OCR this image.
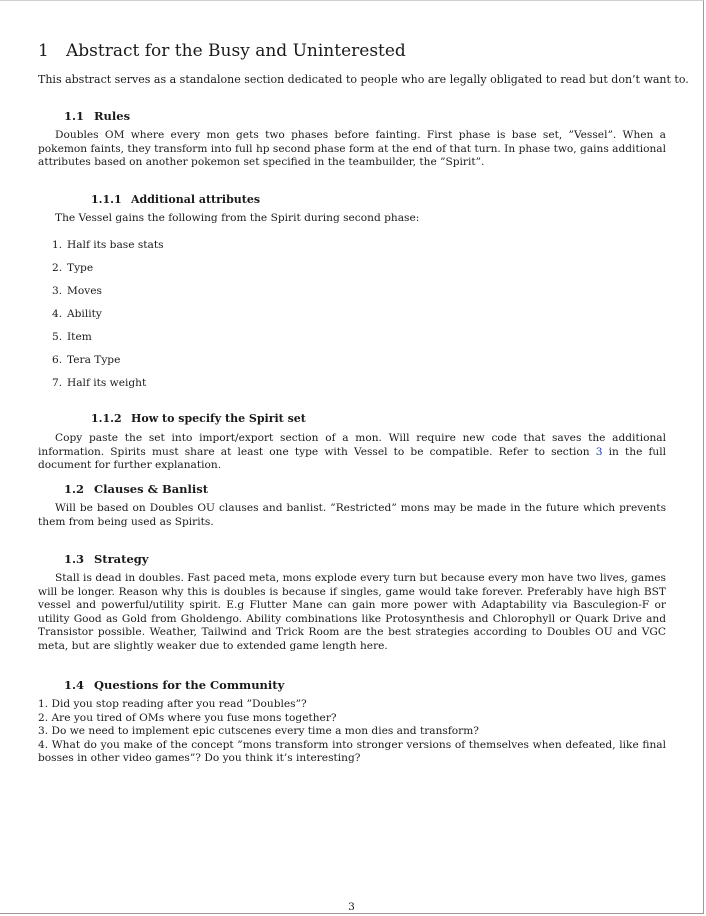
1 Abstract for the Busy and Uninterested

This abstract serves as a standalone section dedicated to people who are legally obligated to read but don’t want to.

1.1 Rules

Doubles OM where every mon gets two phases before fainting. First phase is base set, ”Vessel”. When a pokemon faints, they transform into full hp second phase form at the end of that turn. In phase two, gains additional attributes based on another pokemon set specified in the teambuilder, the ”Spirit”.

1.1.1 Additional attributes

The Vessel gains the following from the Spirit during second phase:

1. Half its base stats
2. Type
3. Moves
4. Ability
5. Item
6. Tera Type
7. Half its weight
1.1.2 How to specify the Spirit set

Copy paste the set into import/export section of a mon. Will require new code that saves the additional information. Spirits must share at least one type with Vessel to be compatible. Refer to section 3 in the full document for further explanation.

1.2 Clauses & Banlist

Will be based on Doubles OU clauses and banlist. ”Restricted” mons may be made in the future which prevents them from being used as Spirits.

1.3 Strategy

Stall is dead in doubles. Fast paced meta, mons explode every turn but because every mon have two lives, games will be longer. Reason why this is doubles is because if singles, game would take forever. Preferably have high BST vessel and powerful/utility spirit. E.g Flutter Mane can gain more power with Adaptability via Basculegion-F or utility Good as Gold from Gholdengo. Ability combinations like Protosynthesis and Chlorophyll or Quark Drive and Transistor possible. Weather, Tailwind and Trick Room are the best strategies according to Doubles OU and VGC meta, but are slightly weaker due to extended game length here.

1.4 Questions for the Community

1. Did you stop reading after you read ”Doubles”?

2. Are you tired of OMs where you fuse mons together?

3. Do we need to implement epic cutscenes every time a mon dies and transform?

4. What do you make of the concept ”mons transform into stronger versions of themselves when defeated, like final bosses in other video games”? Do you think it’s interesting?

3
